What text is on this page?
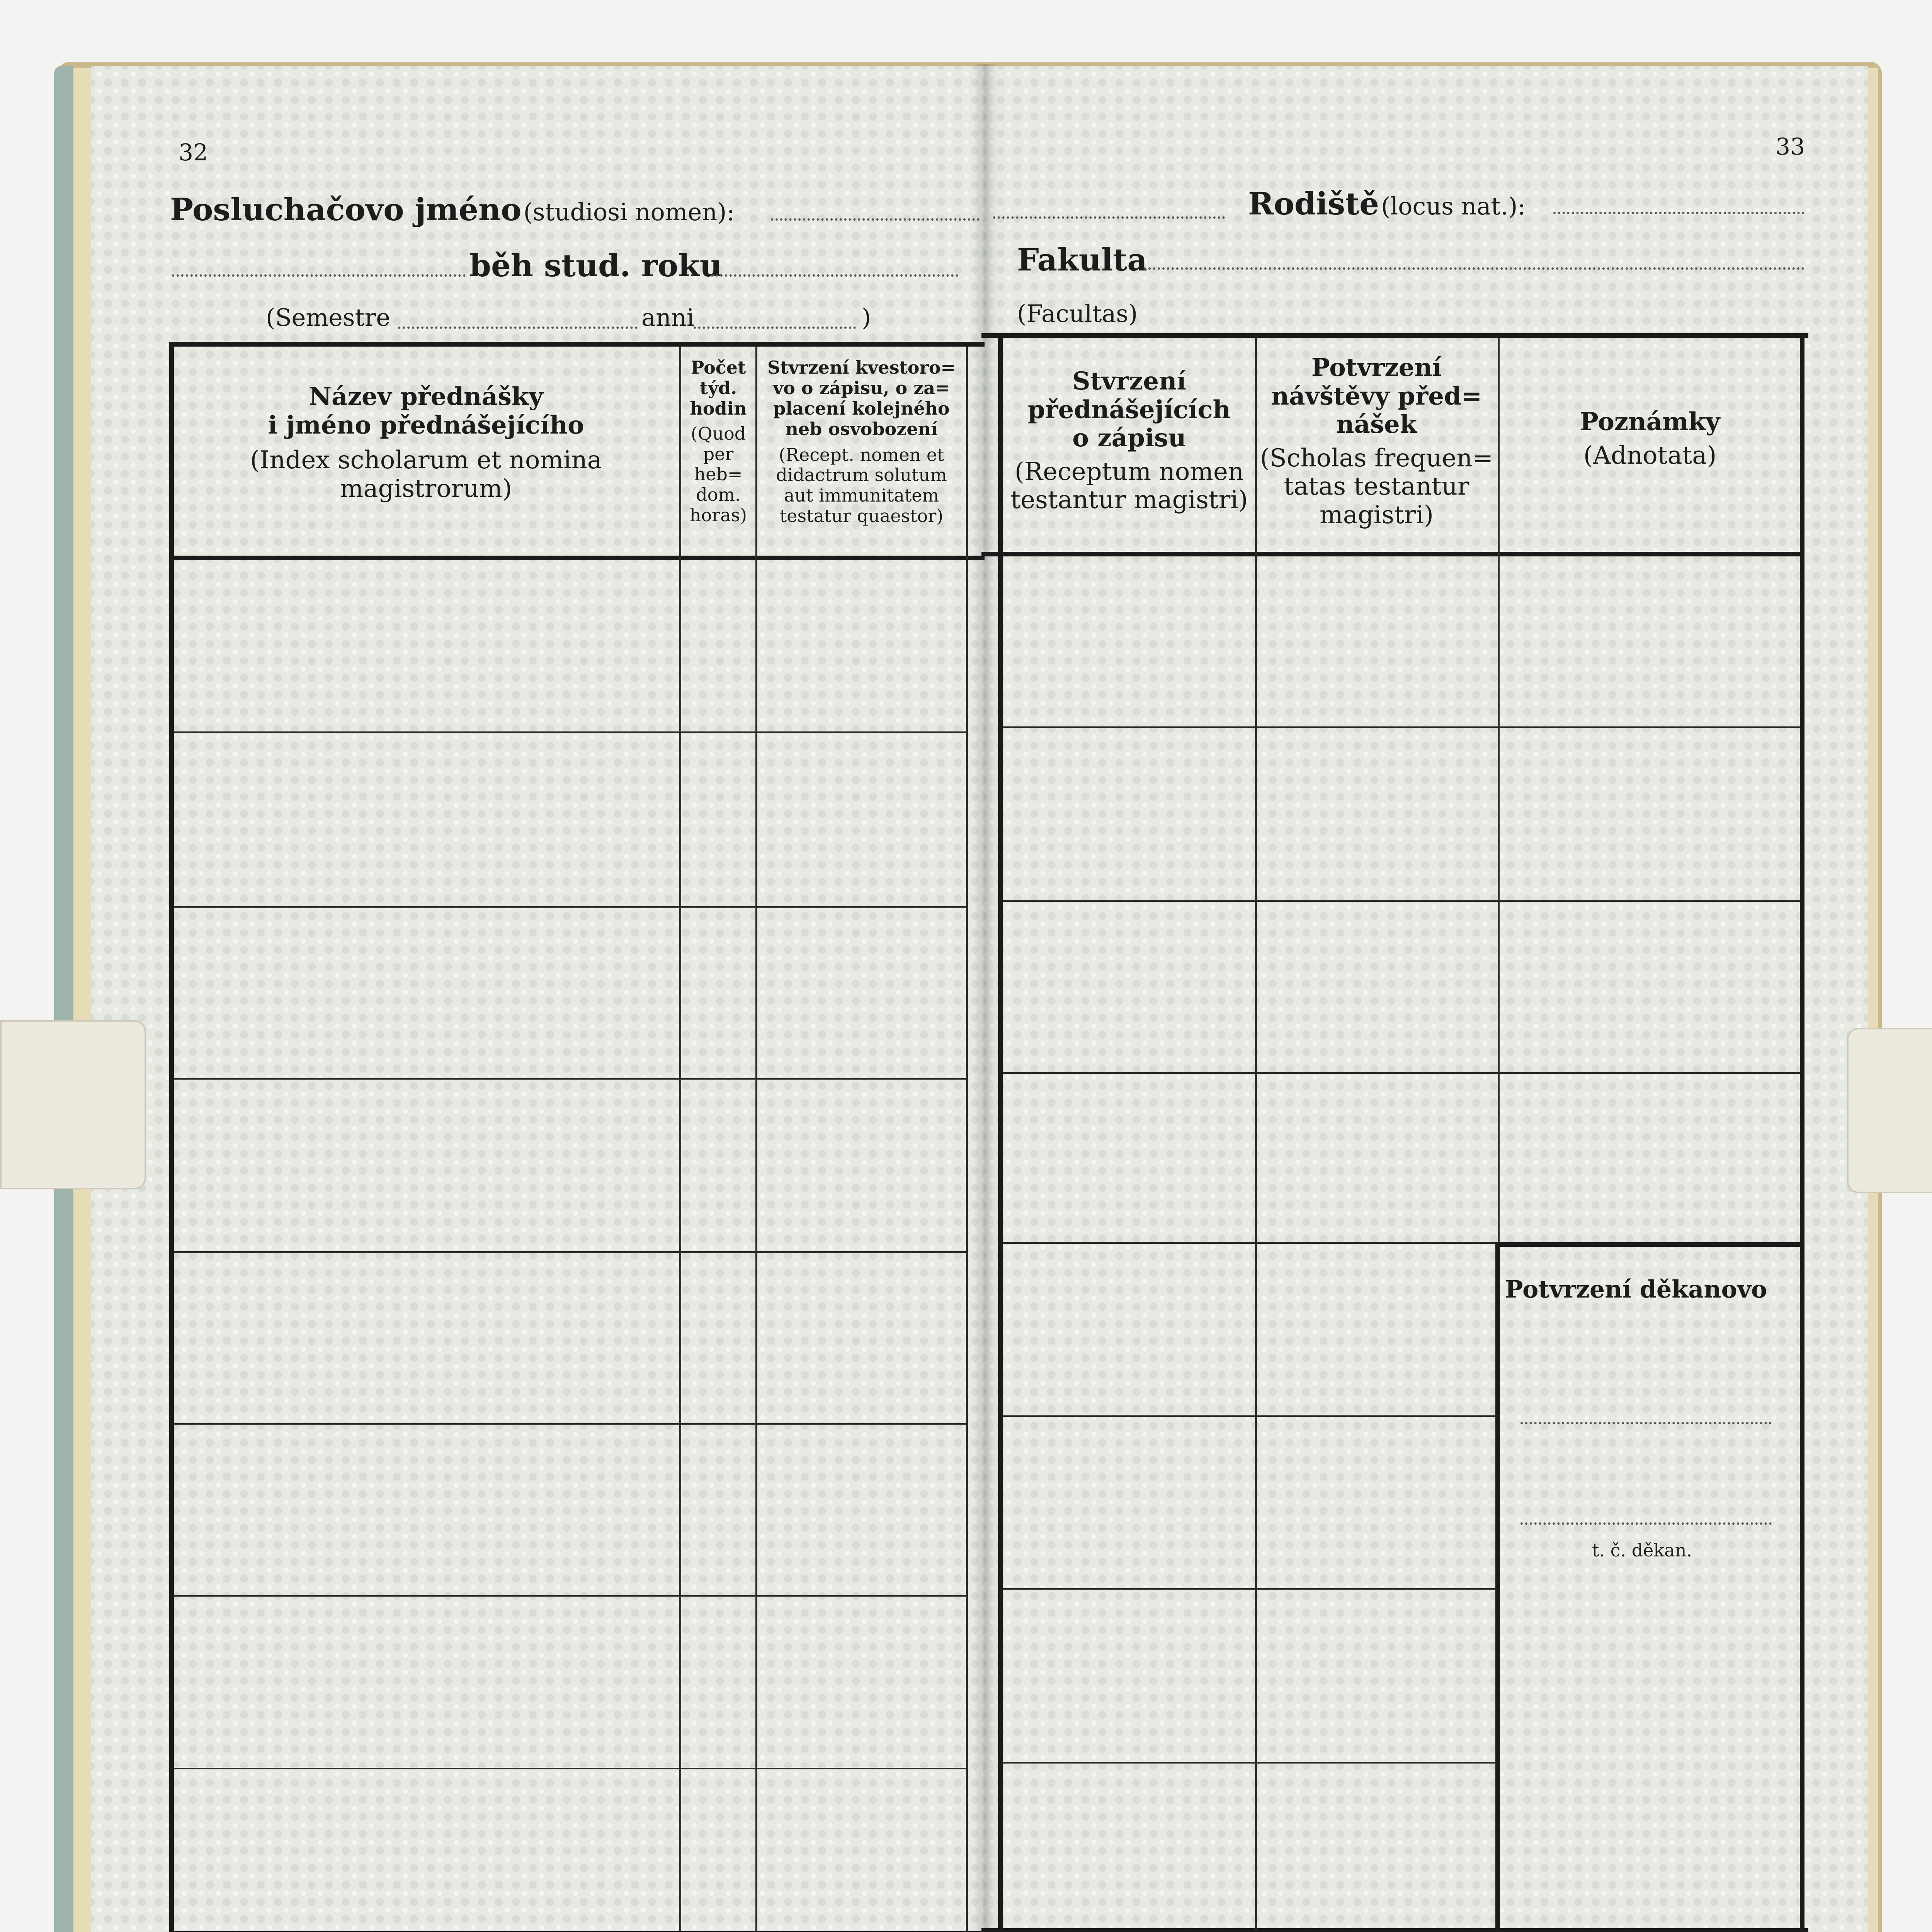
32
Posluchačovo jméno (studiosi nomen):
běh stud. roku
(Semestre	anni	)
33
Rodiště (locus nat.):
Fakulta
(Facultas)
Název přednášky
i jméno přednášejícího
(Index scholarum et nomina
magistrorum)
Počet
týd.
hodin
(Quod
per
heb=
dom.
horas)
Stvrzení kvestoro=
vo o zápisu, o za=
placení kolejného
neb osvobození
(Recept. nomen et
didactrum solutum
aut immunitatem
testatur quaestor)
Stvrzení
přednášejících
o zápisu
(Receptum nomen
testantur magistri)
Potvrzení
návštěvy před=
nášek
(Scholas frequen=
tatas testantur
magistri)
Poznámky
(Adnotata)
Potvrzení děkanovo
t. č. děkan.
